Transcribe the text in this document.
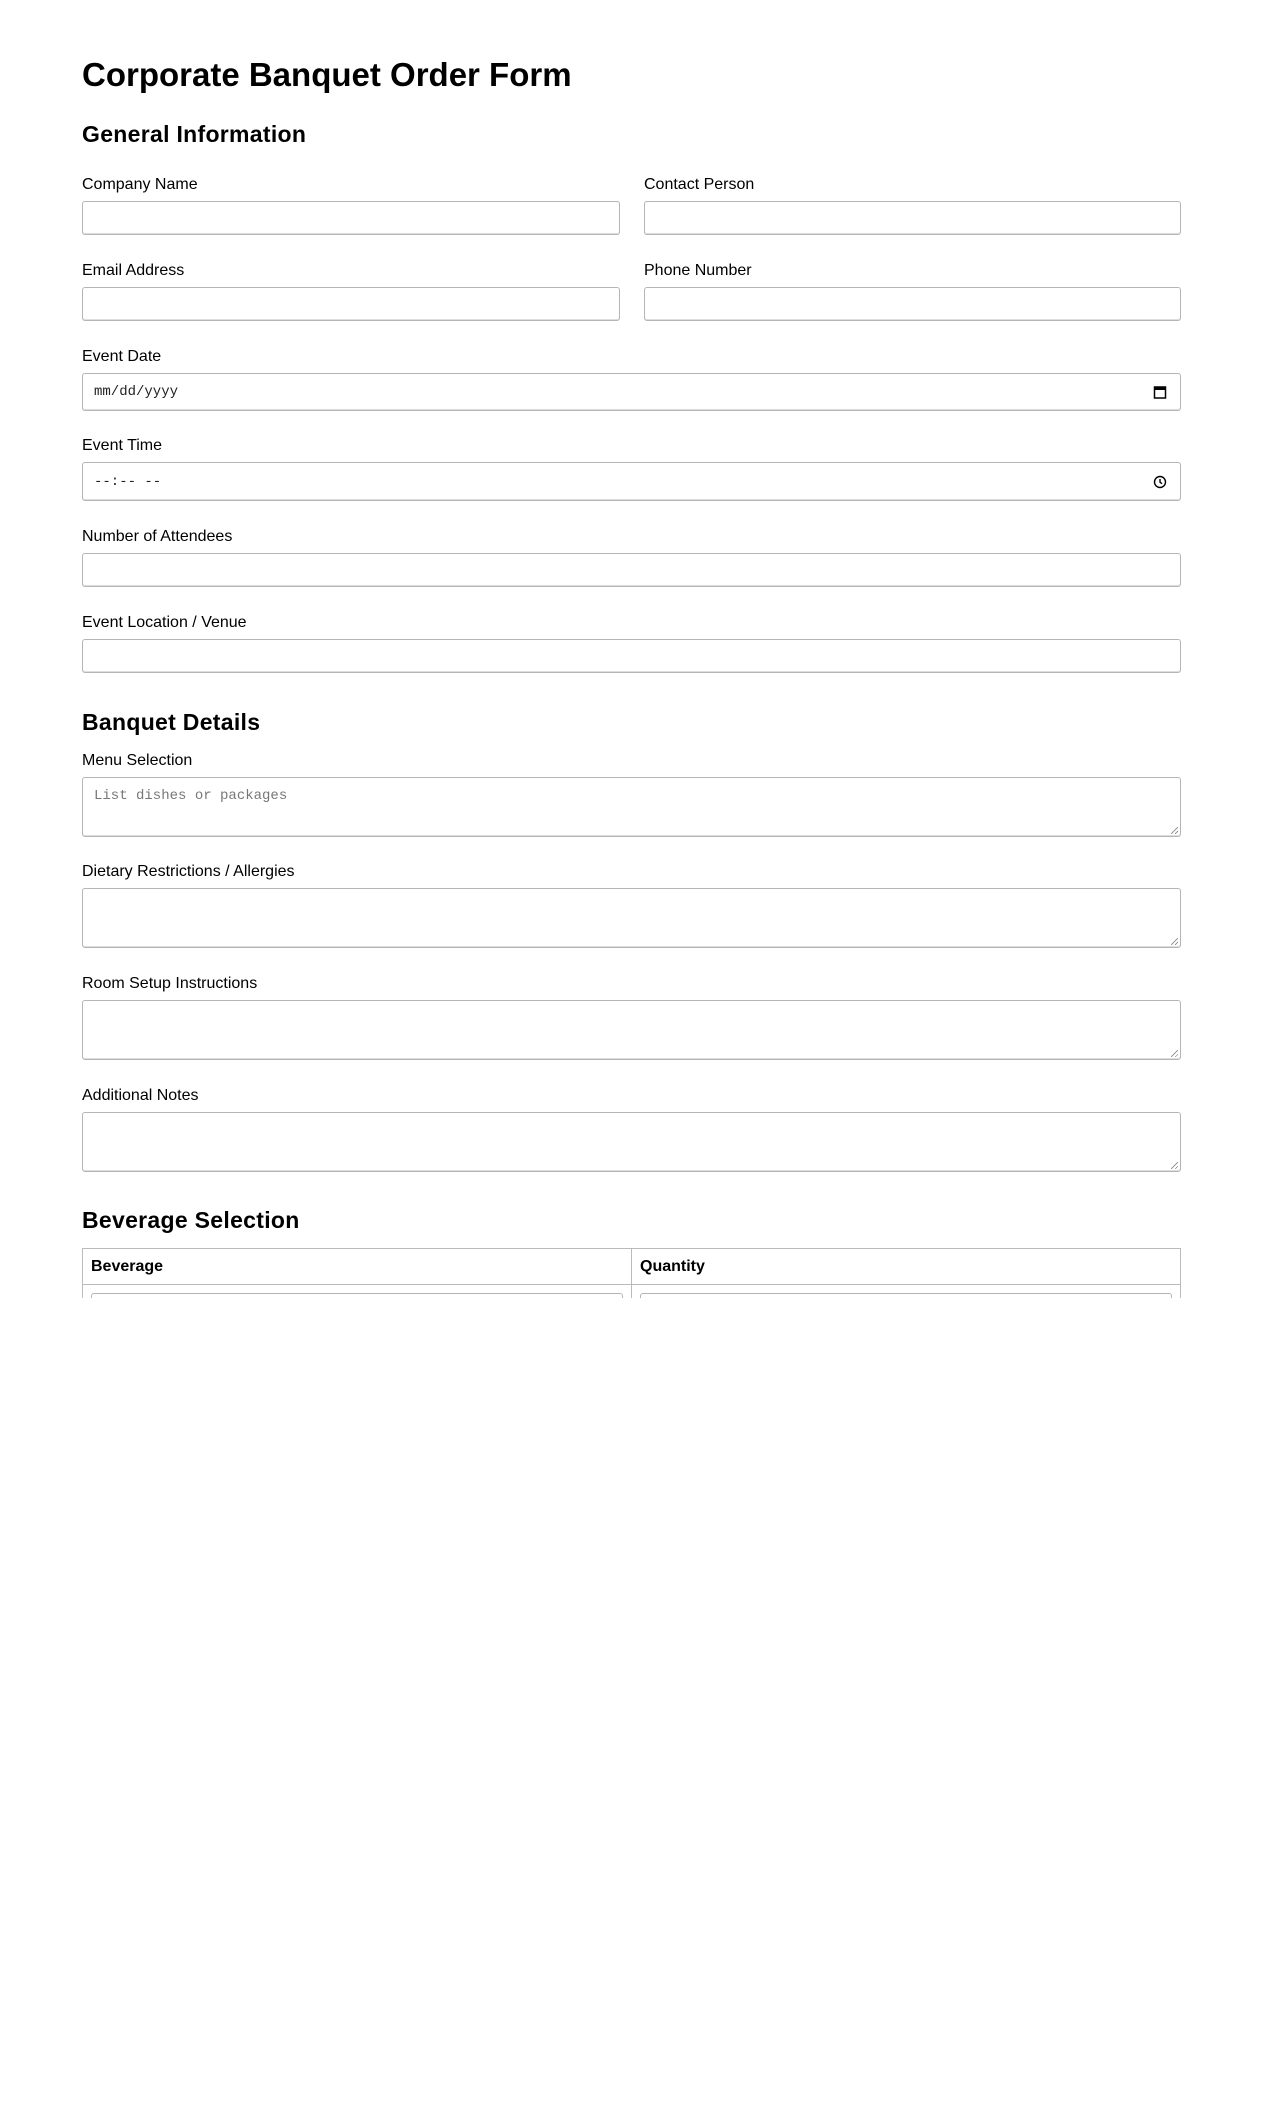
Corporate Banquet Order Form
General Information
Company Name	Contact Person
Email Address	Phone Number
Event Date
mm/dd/yyyy
Event Time
--:-- --
Number of Attendees
Event Location / Venue
Banquet Details
Menu Selection
List dishes or packages
Dietary Restrictions / Allergies
Room Setup Instructions
Additional Notes
Beverage Selection
Beverage	Quantity
